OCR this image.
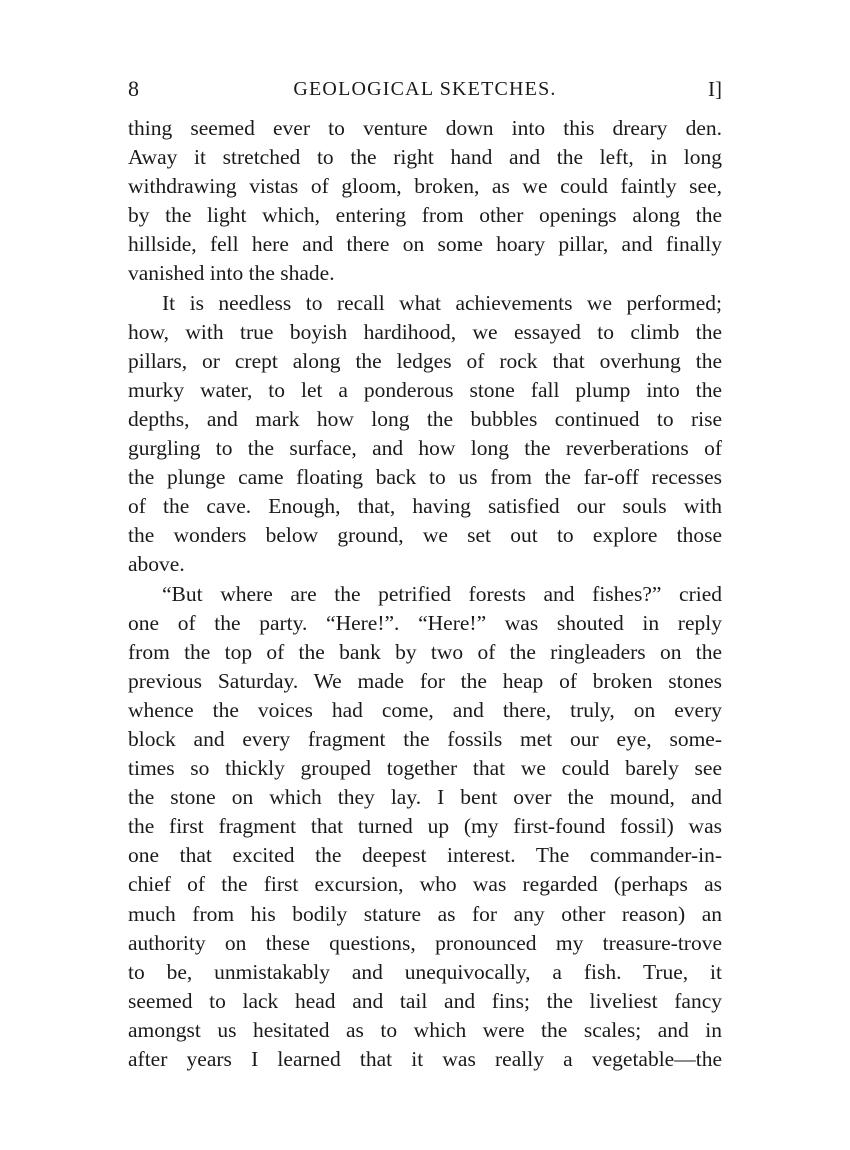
8	GEOLOGICAL SKETCHES.	I]
thing seemed ever to venture down into this dreary den.
Away it stretched to the right hand and the left, in long
withdrawing vistas of gloom, broken, as we could faintly see,
by the light which, entering from other openings along the
hillside, fell here and there on some hoary pillar, and finally
vanished into the shade.
It is needless to recall what achievements we performed;
how, with true boyish hardihood, we essayed to climb the
pillars, or crept along the ledges of rock that overhung the
murky water, to let a ponderous stone fall plump into the
depths, and mark how long the bubbles continued to rise
gurgling to the surface, and how long the reverberations of
the plunge came floating back to us from the far-off recesses
of the cave. Enough, that, having satisfied our souls with
the wonders below ground, we set out to explore those
above.
“But where are the petrified forests and fishes?” cried
one of the party. “Here!”. “Here!” was shouted in reply
from the top of the bank by two of the ringleaders on the
previous Saturday. We made for the heap of broken stones
whence the voices had come, and there, truly, on every
block and every fragment the fossils met our eye, some-
times so thickly grouped together that we could barely see
the stone on which they lay. I bent over the mound, and
the first fragment that turned up (my first-found fossil) was
one that excited the deepest interest. The commander-in-
chief of the first excursion, who was regarded (perhaps as
much from his bodily stature as for any other reason) an
authority on these questions, pronounced my treasure-trove
to be, unmistakably and unequivocally, a fish. True, it
seemed to lack head and tail and fins; the liveliest fancy
amongst us hesitated as to which were the scales; and in
after years I learned that it was really a vegetable—the
